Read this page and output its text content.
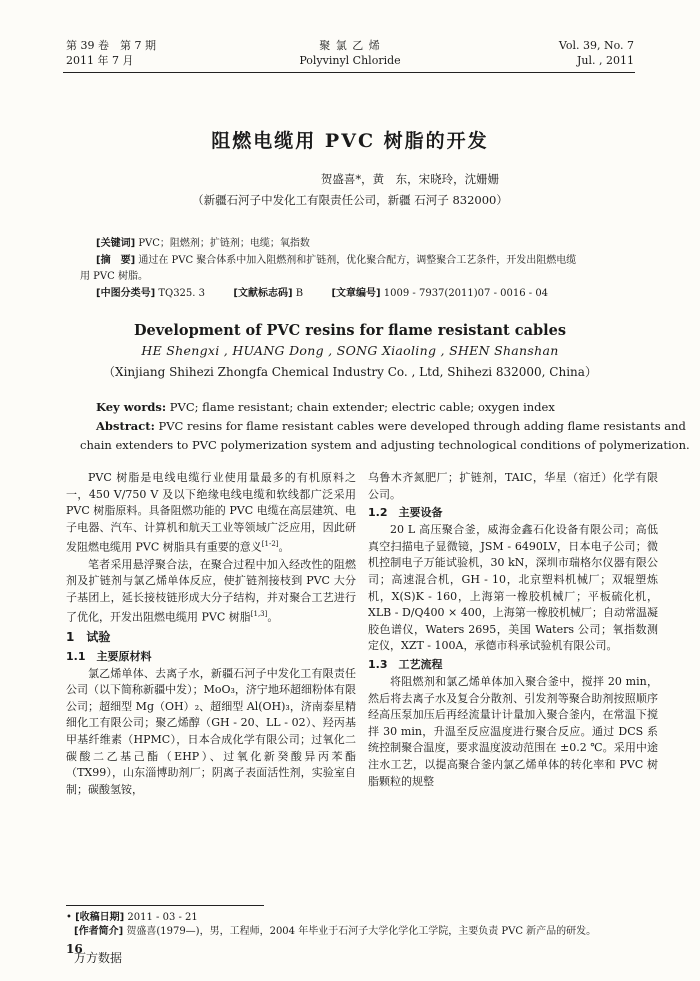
第 39 卷　第 7 期
2011 年 7 月
聚 氯 乙 烯
Polyvinyl Chloride
Vol. 39, No. 7
Jul. , 2011
阻燃电缆用 PVC 树脂的开发
贺盛喜*，黄　东，宋晓玲，沈姗姗
（新疆石河子中发化工有限责任公司，新疆 石河子 832000）
[关键词] PVC；阻燃剂；扩链剂；电缆；氧指数
[摘　要] 通过在 PVC 聚合体系中加入阻燃剂和扩链剂，优化聚合配方，调整聚合工艺条件，开发出阻燃电缆
用 PVC 树脂。
[中图分类号] TQ325. 3	[文献标志码] B	[文章编号] 1009 - 7937(2011)07 - 0016 - 04
Development of PVC resins for flame resistant cables
HE Shengxi , HUANG Dong , SONG Xiaoling , SHEN Shanshan
（Xinjiang Shihezi Zhongfa Chemical Industry Co. , Ltd, Shihezi 832000, China）
Key words: PVC; flame resistant; chain extender; electric cable; oxygen index
Abstract: PVC resins for flame resistant cables were developed through adding flame resistants and
chain extenders to PVC polymerization system and adjusting technological conditions of polymerization.

PVC 树脂是电线电缆行业使用量最多的有机原料之一，450 V/750 V 及以下绝缘电线电缆和软线都广泛采用 PVC 树脂原料。具备阻燃功能的 PVC 电缆在高层建筑、电子电器、汽车、计算机和航天工业等领域广泛应用，因此研发阻燃电缆用 PVC 树脂具有重要的意义[1-2]。

笔者采用悬浮聚合法，在聚合过程中加入经改性的阻燃剂及扩链剂与氯乙烯单体反应，使扩链剂接枝到 PVC 大分子基团上，延长接枝链形成大分子结构，并对聚合工艺进行了优化，开发出阻燃电缆用 PVC 树脂[1,3]。

1　试验

1.1　主要原材料

氯乙烯单体、去离子水，新疆石河子中发化工有限责任公司（以下简称新疆中发）；MoO₃，济宁地环超细粉体有限公司；超细型 Mg（OH）₂、超细型 Al(OH)₃，济南泰星精细化工有限公司；聚乙烯醇（GH - 20、LL - 02）、羟丙基甲基纤维素（HPMC），日本合成化学有限公司；过氧化二碳酸二乙基己酯（EHP）、过氧化新癸酸异丙苯酯（TX99），山东淄博助剂厂；阴离子表面活性剂，实验室自制；碳酸氢铵，

乌鲁木齐氮肥厂；扩链剂，TAIC，华星（宿迁）化学有限公司。

1.2　主要设备

20 L 高压聚合釜，威海金鑫石化设备有限公司；高低真空扫描电子显微镜，JSM - 6490LV，日本电子公司；微机控制电子万能试验机，30 kN，深圳市瑞格尔仪器有限公司；高速混合机，GH - 10，北京塑料机械厂；双辊塑炼机，X(S)K - 160，上海第一橡胶机械厂；平板硫化机，XLB - D/Q400 × 400，上海第一橡胶机械厂；自动常温凝胶色谱仪，Waters 2695，美国 Waters 公司；氧指数测定仪，XZT - 100A，承德市科承试验机有限公司。

1.3　工艺流程

将阻燃剂和氯乙烯单体加入聚合釜中，搅拌 20 min，然后将去离子水及复合分散剂、引发剂等聚合助剂按照顺序经高压泵加压后再经流量计计量加入聚合釜内，在常温下搅拌 30 min，升温至反应温度进行聚合反应。通过 DCS 系统控制聚合温度，要求温度波动范围在 ±0.2 ℃。采用中途注水工艺，以提高聚合釜内氯乙烯单体的转化率和 PVC 树脂颗粒的规整

• [收稿日期] 2011 - 03 - 21
[作者简介] 贺盛喜(1979—)，男，工程师，2004 年毕业于石河子大学化学化工学院，主要负责 PVC 新产品的研发。
16
万方数据
